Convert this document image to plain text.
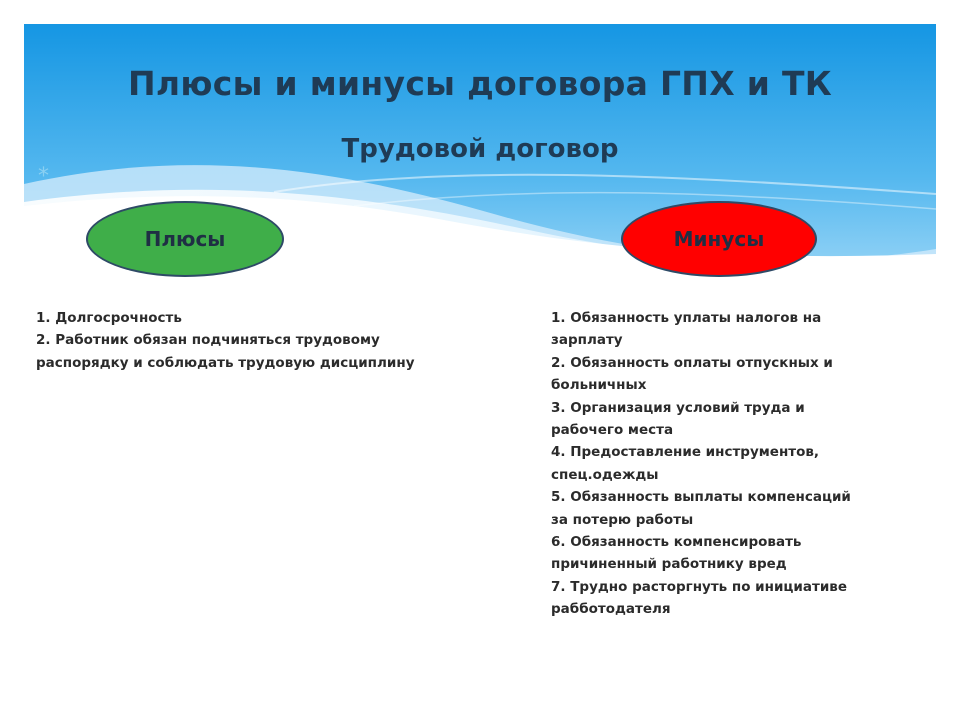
Плюсы и минусы договора ГПХ и ТК
*
Трудовой договор
Плюсы	Минусы
1. Долгосрочность
2. Работник обязан подчиняться трудовому
распорядку и соблюдать трудовую дисциплину
1. Обязанность уплаты налогов на
зарплату
2. Обязанность оплаты отпускных и
больничных
3. Организация условий труда и
рабочего места
4. Предоставление инструментов,
спец.одежды
5. Обязанность выплаты компенсаций
за потерю работы
6. Обязанность компенсировать
причиненный работнику вред
7. Трудно расторгнуть по инициативе
рабботодателя
